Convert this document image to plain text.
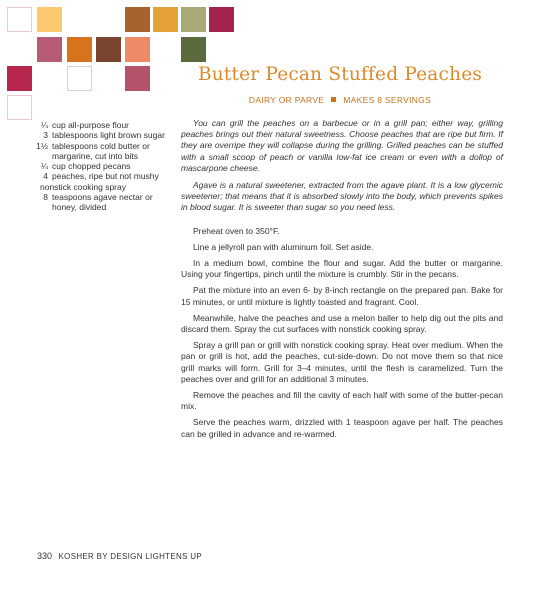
Butter Pecan Stuffed Peaches
DAIRY OR PARVE MAKES 8 SERVINGS
¼ cup all-purpose flour
3 tablespoons light brown sugar
1½ tablespoons cold butter or margarine, cut into bits
¼ cup chopped pecans
4 peaches, ripe but not mushy
nonstick cooking spray
8 teaspoons agave nectar or honey, divided

You can grill the peaches on a barbecue or in a grill pan; either way, grilling peaches brings out their natural sweetness. Choose peaches that are ripe but firm. If they are overripe they will collapse during the grilling. Grilled peaches can be stuffed with a small scoop of peach or vanilla low-fat ice cream or even with a dollop of mascarpone cheese.

Agave is a natural sweetener, extracted from the agave plant. It is a low glycemic sweetener; that means that it is absorbed slowly into the body, which prevents spikes in blood sugar. It is sweeter than sugar so you need less.

Preheat oven to 350°F.

Line a jellyroll pan with aluminum foil. Set aside.

In a medium bowl, combine the flour and sugar. Add the butter or margarine. Using your fingertips, pinch until the mixture is crumbly. Stir in the pecans.

Pat the mixture into an even 6- by 8-inch rectangle on the prepared pan. Bake for 15 minutes, or until mixture is lightly toasted and fragrant. Cool.

Meanwhile, halve the peaches and use a melon baller to help dig out the pits and discard them. Spray the cut surfaces with nonstick cooking spray.

Spray a grill pan or grill with nonstick cooking spray. Heat over medium. When the pan or grill is hot, add the peaches, cut-side-down. Do not move them so that nice grill marks will form. Grill for 3–4 minutes, until the flesh is caramelized. Turn the peaches over and grill for an additional 3 minutes.

Remove the peaches and fill the cavity of each half with some of the butter-pecan mix.

Serve the peaches warm, drizzled with 1 teaspoon agave per half. The peaches can be grilled in advance and re-warmed.

330 KOSHER BY DESIGN LIGHTENS UP
